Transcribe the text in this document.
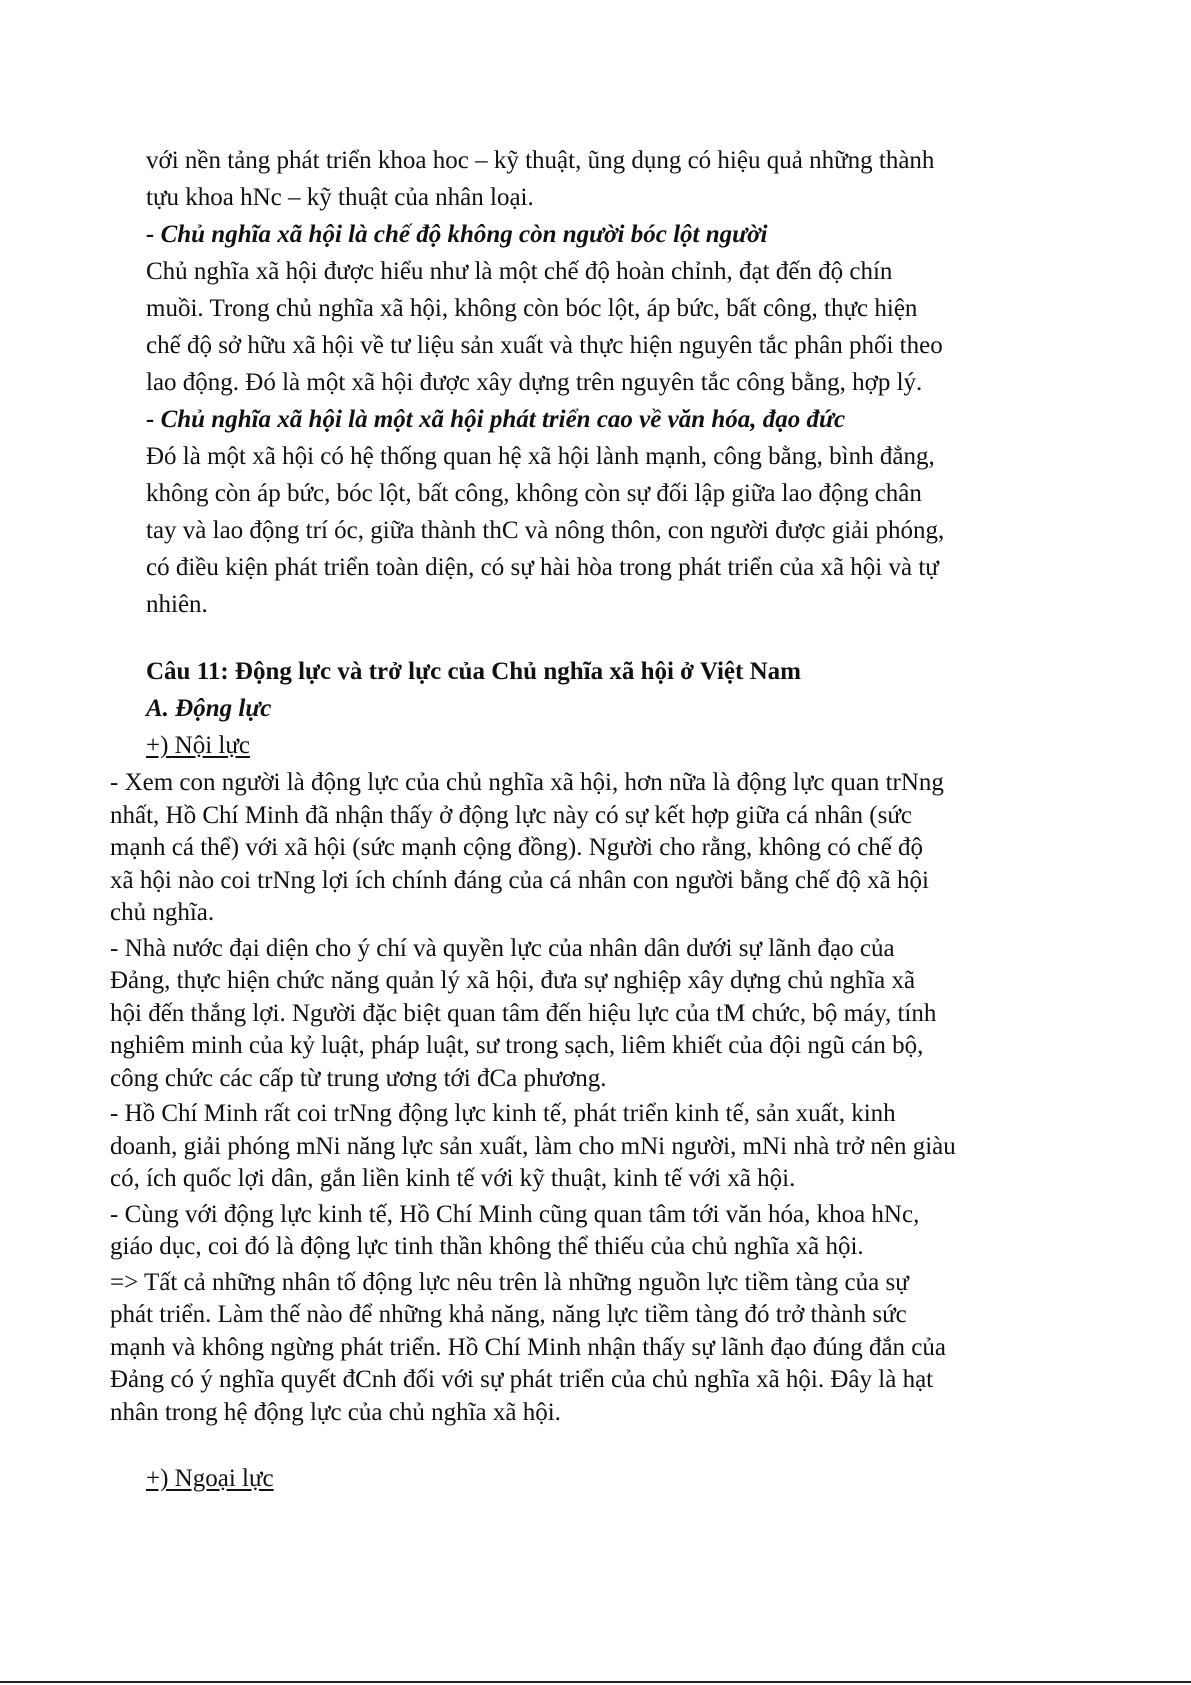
với nền tảng phát triển khoa hoc – kỹ thuật, ũng dụng có hiệu quả những thành
tựu khoa hNc – kỹ thuật của nhân loại.
- Chủ nghĩa xã hội là chế độ không còn người bóc lột người
Chủ nghĩa xã hội được hiểu như là một chế độ hoàn chỉnh, đạt đến độ chín
muồi. Trong chủ nghĩa xã hội, không còn bóc lột, áp bức, bất công, thực hiện
chế độ sở hữu xã hội về tư liệu sản xuất và thực hiện nguyên tắc phân phối theo
lao động. Đó là một xã hội được xây dựng trên nguyên tắc công bằng, hợp lý.
- Chủ nghĩa xã hội là một xã hội phát triển cao về văn hóa, đạo đức
Đó là một xã hội có hệ thống quan hệ xã hội lành mạnh, công bằng, bình đẳng,
không còn áp bức, bóc lột, bất công, không còn sự đối lập giữa lao động chân
tay và lao động trí óc, giữa thành thC và nông thôn, con người được giải phóng,
có điều kiện phát triển toàn diện, có sự hài hòa trong phát triển của xã hội và tự
nhiên.
Câu 11: Động lực và trở lực của Chủ nghĩa xã hội ở Việt Nam
A. Động lực
+) Nội lực
- Xem con người là động lực của chủ nghĩa xã hội, hơn nữa là động lực quan trNng
nhất, Hồ Chí Minh đã nhận thấy ở động lực này có sự kết hợp giữa cá nhân (sức
mạnh cá thể) với xã hội (sức mạnh cộng đồng). Người cho rằng, không có chế độ
xã hội nào coi trNng lợi ích chính đáng của cá nhân con người bằng chế độ xã hội
chủ nghĩa.
- Nhà nước đại diện cho ý chí và quyền lực của nhân dân dưới sự lãnh đạo của
Đảng, thực hiện chức năng quản lý xã hội, đưa sự nghiệp xây dựng chủ nghĩa xã
hội đến thắng lợi. Người đặc biệt quan tâm đến hiệu lực của tM chức, bộ máy, tính
nghiêm minh của kỷ luật, pháp luật, sư trong sạch, liêm khiết của đội ngũ cán bộ,
công chức các cấp từ trung ương tới đCa phương.
- Hồ Chí Minh rất coi trNng động lực kinh tế, phát triển kinh tế, sản xuất, kinh
doanh, giải phóng mNi năng lực sản xuất, làm cho mNi người, mNi nhà trở nên giàu
có, ích quốc lợi dân, gắn liền kinh tế với kỹ thuật, kinh tế với xã hội.
- Cùng với động lực kinh tế, Hồ Chí Minh cũng quan tâm tới văn hóa, khoa hNc,
giáo dục, coi đó là động lực tinh thần không thể thiếu của chủ nghĩa xã hội.
=> Tất cả những nhân tố động lực nêu trên là những nguồn lực tiềm tàng của sự
phát triển. Làm thế nào để những khả năng, năng lực tiềm tàng đó trở thành sức
mạnh và không ngừng phát triển. Hồ Chí Minh nhận thấy sự lãnh đạo đúng đắn của
Đảng có ý nghĩa quyết đCnh đối với sự phát triển của chủ nghĩa xã hội. Đây là hạt
nhân trong hệ động lực của chủ nghĩa xã hội.
+) Ngoại lực
